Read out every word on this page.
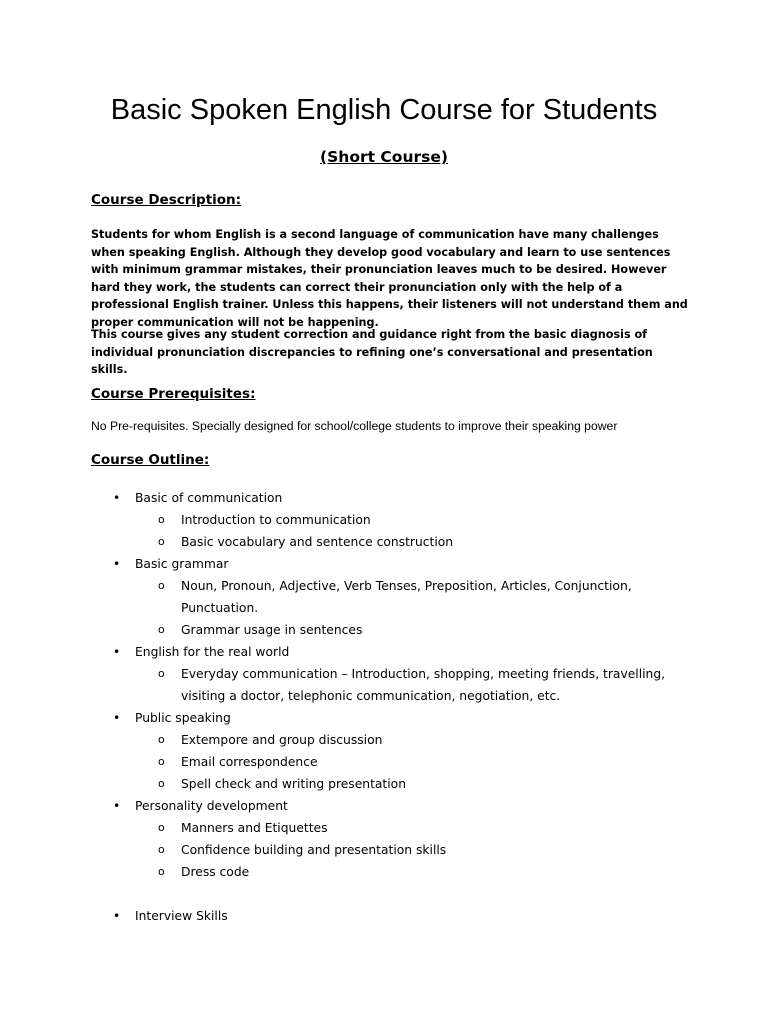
Basic Spoken English Course for Students

(Short Course)

Course Description:

Students for whom English is a second language of communication have many challenges when speaking English. Although they develop good vocabulary and learn to use sentences with minimum grammar mistakes, their pronunciation leaves much to be desired. However hard they work, the students can correct their pronunciation only with the help of a professional English trainer. Unless this happens, their listeners will not understand them and proper communication will not be happening.

This course gives any student correction and guidance right from the basic diagnosis of individual pronunciation discrepancies to refining one’s conversational and presentation skills.

Course Prerequisites:

No Pre-requisites. Specially designed for school/college students to improve their speaking power

Course Outline:

• Basic of communication
o Introduction to communication
o Basic vocabulary and sentence construction
• Basic grammar
o Noun, Pronoun, Adjective, Verb Tenses, Preposition, Articles, Conjunction, Punctuation.
o Grammar usage in sentences
• English for the real world
o Everyday communication – Introduction, shopping, meeting friends, travelling, visiting a doctor, telephonic communication, negotiation, etc.
• Public speaking
o Extempore and group discussion
o Email correspondence
o Spell check and writing presentation
• Personality development
o Manners and Etiquettes
o Confidence building and presentation skills
o Dress code
• Interview Skills
